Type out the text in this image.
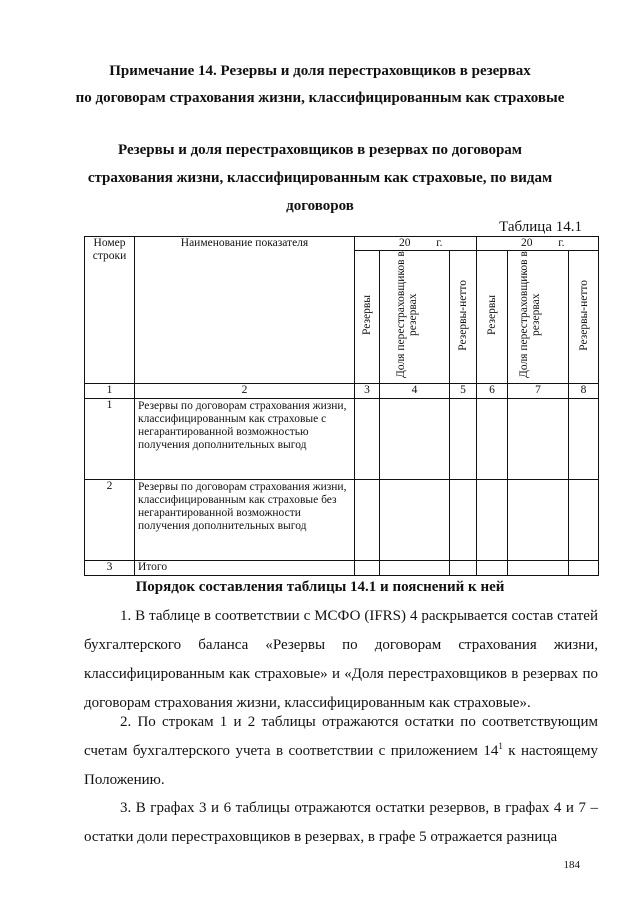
Примечание 14. Резервы и доля перестраховщиков в резервах
по договорам страхования жизни, классифицированным как страховые
Резервы и доля перестраховщиков в резервах по договорам
страхования жизни, классифицированным как страховые, по видам
договоров
Таблица 14.1
Номер строки	Наименование показателя	20 г.			20 г.		
		Резервы	Доля перестраховщиков в резервах	Резервы-нетто	Резервы	Доля перестраховщиков в резервах	Резервы-нетто
1	2	3	4	5	6	7	8
1	Резервы по договорам страхования жизни, классифицированным как страховые с негарантированной возможностью получения дополнительных выгод						
2	Резервы по договорам страхования жизни, классифицированным как страховые без негарантированной возможности получения дополнительных выгод						
3	Итого						
Порядок составления таблицы 14.1 и пояснений к ней
1. В таблице в соответствии с МСФО (IFRS) 4 раскрывается состав статей бухгалтерского баланса «Резервы по договорам страхования жизни, классифицированным как страховые» и «Доля перестраховщиков в резервах по договорам страхования жизни, классифицированным как страховые».
2. По строкам 1 и 2 таблицы отражаются остатки по соответствующим счетам бухгалтерского учета в соответствии с приложением $14^1$ к настоящему Положению.
3. В графах 3 и 6 таблицы отражаются остатки резервов, в графах 4 и 7 – остатки доли перестраховщиков в резервах, в графе 5 отражается разница
184
